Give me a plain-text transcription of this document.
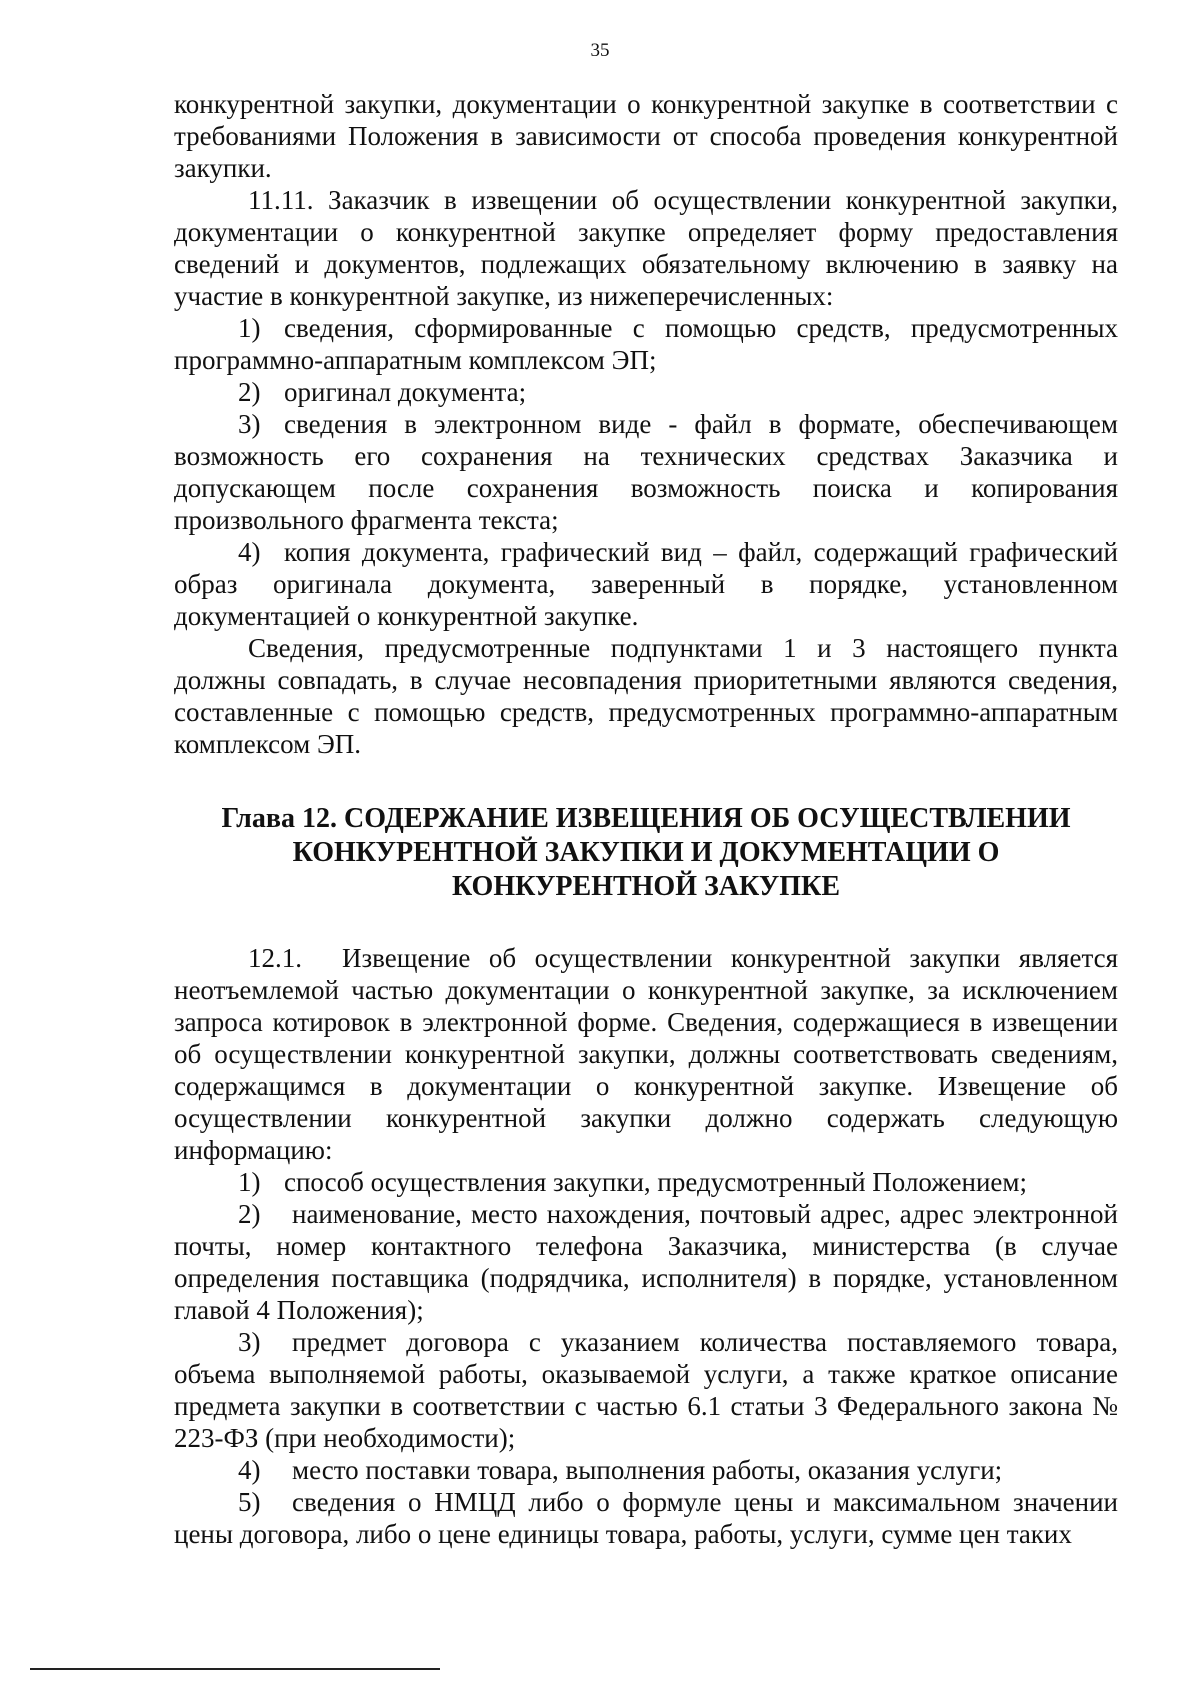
35

конкурентной закупки, документации о конкурентной закупке в соответствии с требованиями Положения в зависимости от способа проведения конкурентной закупки.

11.11. Заказчик в извещении об осуществлении конкурентной закупки, документации о конкурентной закупке определяет форму предоставления сведений и документов, подлежащих обязательному включению в заявку на участие в конкурентной закупке, из нижеперечисленных:

1) сведения, сформированные с помощью средств, предусмотренных программно-аппаратным комплексом ЭП;

2) оригинал документа;

3) сведения в электронном виде - файл в формате, обеспечивающем возможность его сохранения на технических средствах Заказчика и допускающем после сохранения возможность поиска и копирования произвольного фрагмента текста;

4) копия документа, графический вид – файл, содержащий графический образ оригинала документа, заверенный в порядке, установленном документацией о конкурентной закупке.

Сведения, предусмотренные подпунктами 1 и 3 настоящего пункта должны совпадать, в случае несовпадения приоритетными являются сведения, составленные с помощью средств, предусмотренных программно-аппаратным комплексом ЭП.

Глава 12. СОДЕРЖАНИЕ ИЗВЕЩЕНИЯ ОБ ОСУЩЕСТВЛЕНИИ
КОНКУРЕНТНОЙ ЗАКУПКИ И ДОКУМЕНТАЦИИ О
КОНКУРЕНТНОЙ ЗАКУПКЕ

12.1. Извещение об осуществлении конкурентной закупки является неотъемлемой частью документации о конкурентной закупке, за исключением запроса котировок в электронной форме. Сведения, содержащиеся в извещении об осуществлении конкурентной закупки, должны соответствовать сведениям, содержащимся в документации о конкурентной закупке. Извещение об осуществлении конкурентной закупки должно содержать следующую информацию:

1) способ осуществления закупки, предусмотренный Положением;

2) наименование, место нахождения, почтовый адрес, адрес электронной почты, номер контактного телефона Заказчика, министерства (в случае определения поставщика (подрядчика, исполнителя) в порядке, установленном главой 4 Положения);

3) предмет договора с указанием количества поставляемого товара, объема выполняемой работы, оказываемой услуги, а также краткое описание предмета закупки в соответствии с частью 6.1 статьи 3 Федерального закона № 223-ФЗ (при необходимости);

4) место поставки товара, выполнения работы, оказания услуги;

5) сведения о НМЦД либо о формуле цены и максимальном значении цены договора, либо о цене единицы товара, работы, услуги, сумме цен таких
